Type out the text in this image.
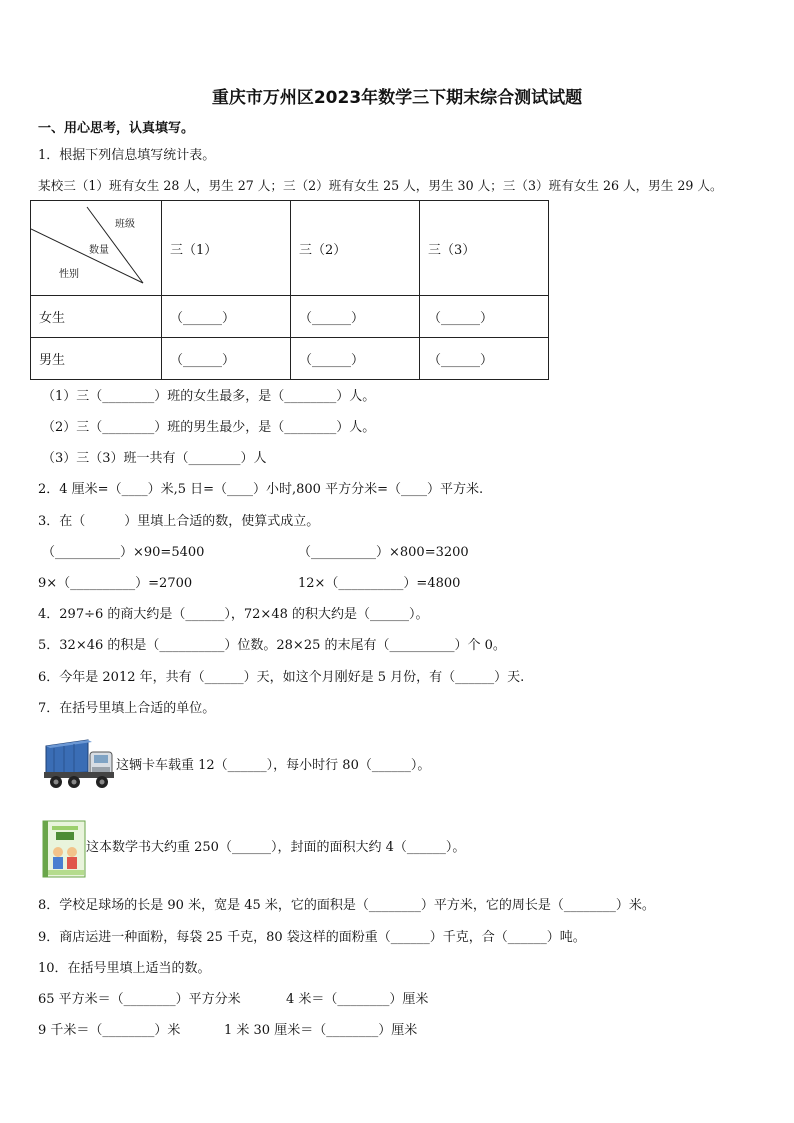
重庆市万州区2023年数学三下期末综合测试试题
一、用心思考，认真填写。
1．根据下列信息填写统计表。
某校三（1）班有女生 28 人，男生 27 人；三（2）班有女生 25 人，男生 30 人；三（3）班有女生 26 人，男生 29 人。
班级
数量
性别	三（1）	三（2）	三（3）

女生	（______）	（______）	（______）

男生	（______）	（______）	（______）
（1）三（________）班的女生最多，是（________）人。
（2）三（________）班的男生最少，是（________）人。
（3）三（3）班一共有（________）人
2．4 厘米=（____）米,5 日=（____）小时,800 平方分米=（____）平方米.
3．在（　　　）里填上合适的数，使算式成立。
（__________）×90=5400	（__________）×800=3200
9×（__________）=2700	12×（__________）=4800
4．297÷6 的商大约是（______），72×48 的积大约是（______）。
5．32×46 的积是（__________）位数。28×25 的末尾有（__________）个 0。
6．今年是 2012 年，共有（______）天，如这个月刚好是 5 月份，有（______）天.
7．在括号里填上合适的单位。
这辆卡车载重 12（______），每小时行 80（______）。
这本数学书大约重 250（______），封面的面积大约 4（______）。
8．学校足球场的长是 90 米，宽是 45 米，它的面积是（________）平方米，它的周长是（________）米。
9．商店运进一种面粉，每袋 25 千克，80 袋这样的面粉重（______）千克，合（______）吨。
10．在括号里填上适当的数。
65 平方米＝（________）平方分米	4 米＝（________）厘米
9 千米＝（________）米	1 米 30 厘米＝（________）厘米
